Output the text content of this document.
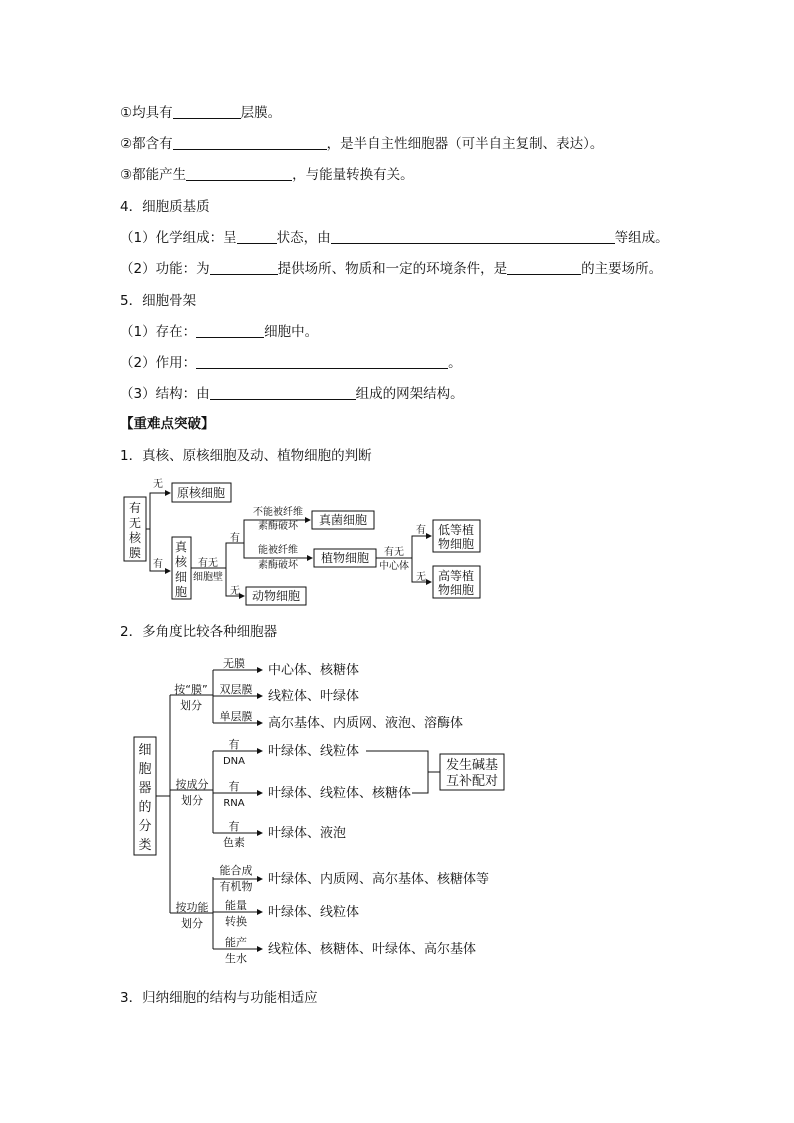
①均具有	层膜。
②都含有	，是半自主性细胞器（可半自主复制、表达）。
③都能产生	，与能量转换有关。
4．细胞质基质
（1）化学组成：呈	状态，由	等组成。
（2）功能：为	提供场所、物质和一定的环境条件，是	的主要场所。
5．细胞骨架
（1）存在：	细胞中。
（2）作用：	。
（3）结构：由	组成的网架结构。
【重难点突破】
1．真核、原核细胞及动、植物细胞的判断
有
无
核
膜
无
有
原核细胞
真
核
细
胞
有无
细胞壁
有
无 动物细胞
不能被纤维
素酶破坏
能被纤维
素酶破坏
真菌细胞
植物细胞 有无
中心体
有
无
低等植
物细胞
高等植
物细胞
2．多角度比较各种细胞器
细
胞
器
的
分
类
按“膜”
划分
按成分
划分
按功能
划分
无膜
双层膜
单层膜
中心体、核糖体
线粒体、叶绿体
高尔基体、内质网、液泡、溶酶体
有
DNA
有
RNA
有
色素
叶绿体、线粒体
叶绿体、线粒体、核糖体
叶绿体、液泡
发生碱基
互补配对
能合成
有机物
能量
转换
能产
生水
叶绿体、内质网、高尔基体、核糖体等
叶绿体、线粒体
线粒体、核糖体、叶绿体、高尔基体
3．归纳细胞的结构与功能相适应
